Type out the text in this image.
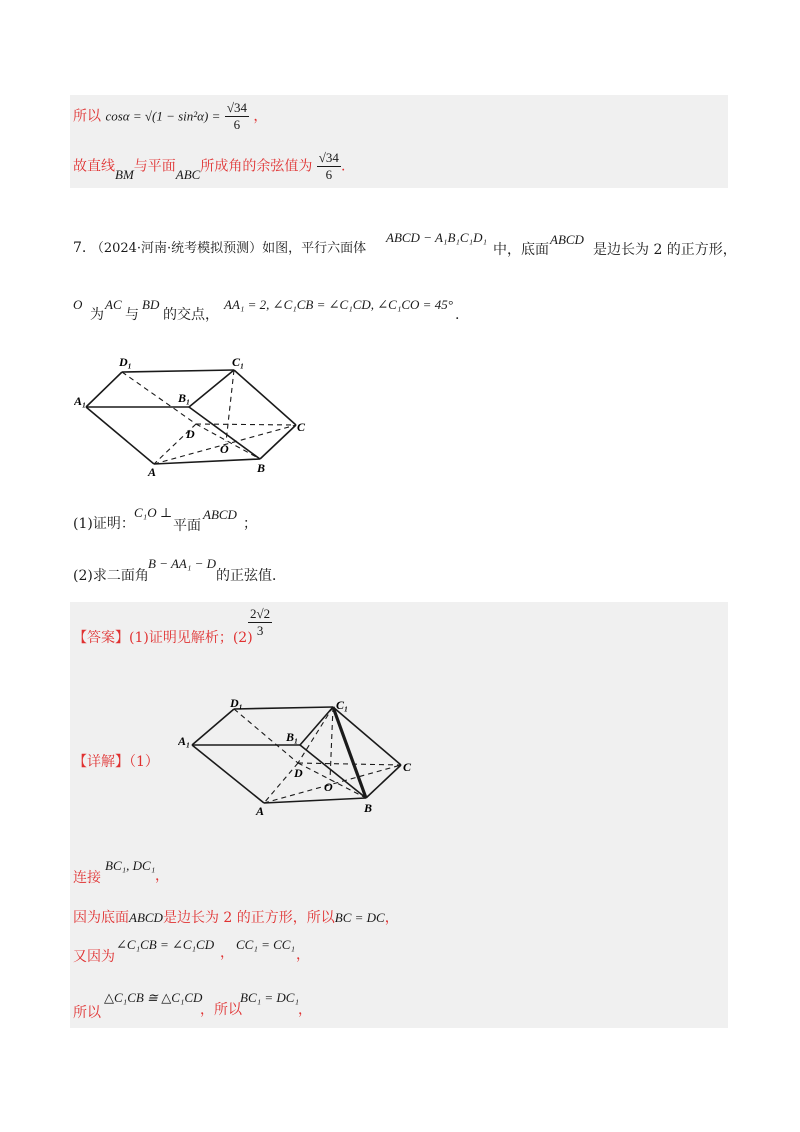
所以 $\cos\alpha = √(1 - \sin^2\alpha) = \frac{√34}{6}$ ，
故直线BM与平面ABC所成角的余弦值为 $\frac{√34}{6}$ .
7. （2024·河南·统考模拟预测）如图，平行六面体
ABCD − A₁B₁C₁D₁
中，底面
ABCD
是边长为 2 的正方形，
O
为
AC
与
BD
的交点，
AA₁ = 2, ∠C₁CB = ∠C₁CD, ∠C₁CO = 45°
.
D₁	C₁
A₁	B₁
D
O
C
A	B
(1)证明：
C₁O ⊥
平面
ABCD
；
(2)求二面角
B − AA₁ − D
的正弦值．
【答案】(1)证明见解析；(2)
$\frac{2√2}{3}$
【详解】（1）
D₁	C₁
A₁	B₁
D
O
C
A	B
BC₁, DC₁
连接	，
因为底面ABCD是边长为 2 的正方形，所以BC = DC，
又因为
∠C₁CB = ∠C₁CD
，
CC₁ = CC₁
，
所以
△C₁CB ≅ △C₁CD
，所以
BC₁ = DC₁
，
